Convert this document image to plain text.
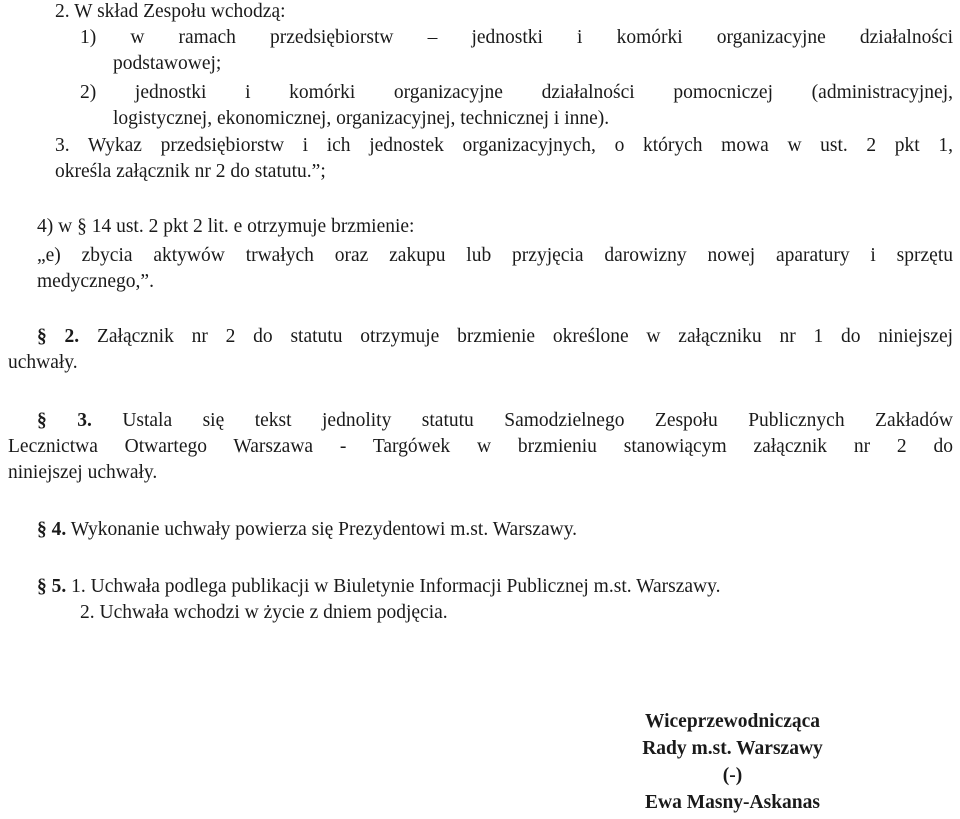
2. W skład Zespołu wchodzą:
1) w ramach przedsiębiorstw – jednostki i komórki organizacyjne działalności
podstawowej;
2) jednostki i komórki organizacyjne działalności pomocniczej (administracyjnej,
logistycznej, ekonomicznej, organizacyjnej, technicznej i inne).
3. Wykaz przedsiębiorstw i ich jednostek organizacyjnych, o których mowa w ust. 2 pkt 1,
określa załącznik nr 2 do statutu.”;
4) w § 14 ust. 2 pkt 2 lit. e otrzymuje brzmienie:
„e) zbycia aktywów trwałych oraz zakupu lub przyjęcia darowizny nowej aparatury i sprzętu
medycznego,”.
§ 2. Załącznik nr 2 do statutu otrzymuje brzmienie określone w załączniku nr 1 do niniejszej
uchwały.
§ 3. Ustala się tekst jednolity statutu Samodzielnego Zespołu Publicznych Zakładów
Lecznictwa Otwartego Warszawa - Targówek w brzmieniu stanowiącym załącznik nr 2 do
niniejszej uchwały.
§ 4. Wykonanie uchwały powierza się Prezydentowi m.st. Warszawy.
§ 5. 1. Uchwała podlega publikacji w Biuletynie Informacji Publicznej m.st. Warszawy.
2. Uchwała wchodzi w życie z dniem podjęcia.
Wiceprzewodnicząca
Rady m.st. Warszawy
(-)
Ewa Masny-Askanas
